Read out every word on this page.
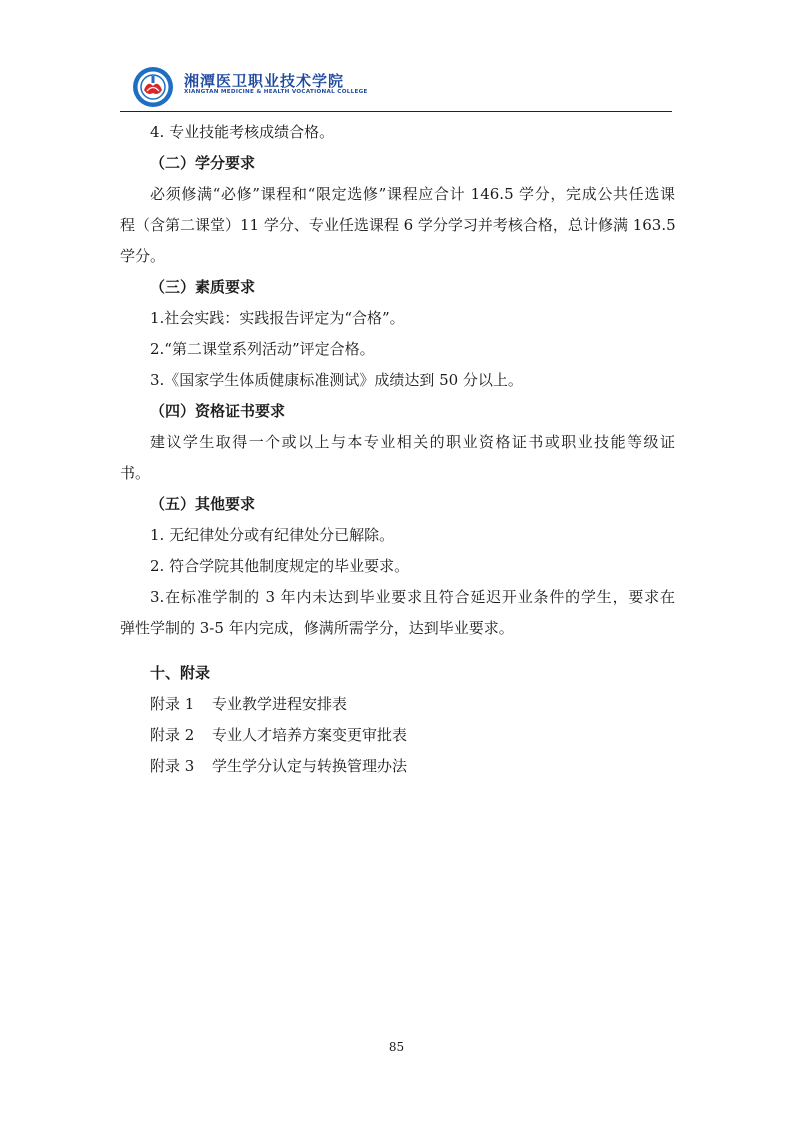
湘潭医卫职业技术学院
XIANGTAN MEDICINE & HEALTH VOCATIONAL COLLEGE
4. 专业技能考核成绩合格。
（二）学分要求
必须修满“必修”课程和“限定选修”课程应合计 146.5 学分，完成公共任选课
程（含第二课堂）11 学分、专业任选课程 6 学分学习并考核合格，总计修满 163.5
学分。
（三）素质要求
1.社会实践：实践报告评定为“合格”。
2.“第二课堂系列活动”评定合格。
3.《国家学生体质健康标准测试》成绩达到 50 分以上。
（四）资格证书要求
建议学生取得一个或以上与本专业相关的职业资格证书或职业技能等级证
书。
（五）其他要求
1. 无纪律处分或有纪律处分已解除。
2. 符合学院其他制度规定的毕业要求。
3.在标准学制的 3 年内未达到毕业要求且符合延迟开业条件的学生，要求在
弹性学制的 3-5 年内完成，修满所需学分，达到毕业要求。
十、附录
附录 1 专业教学进程安排表
附录 2 专业人才培养方案变更审批表
附录 3 学生学分认定与转换管理办法
85
